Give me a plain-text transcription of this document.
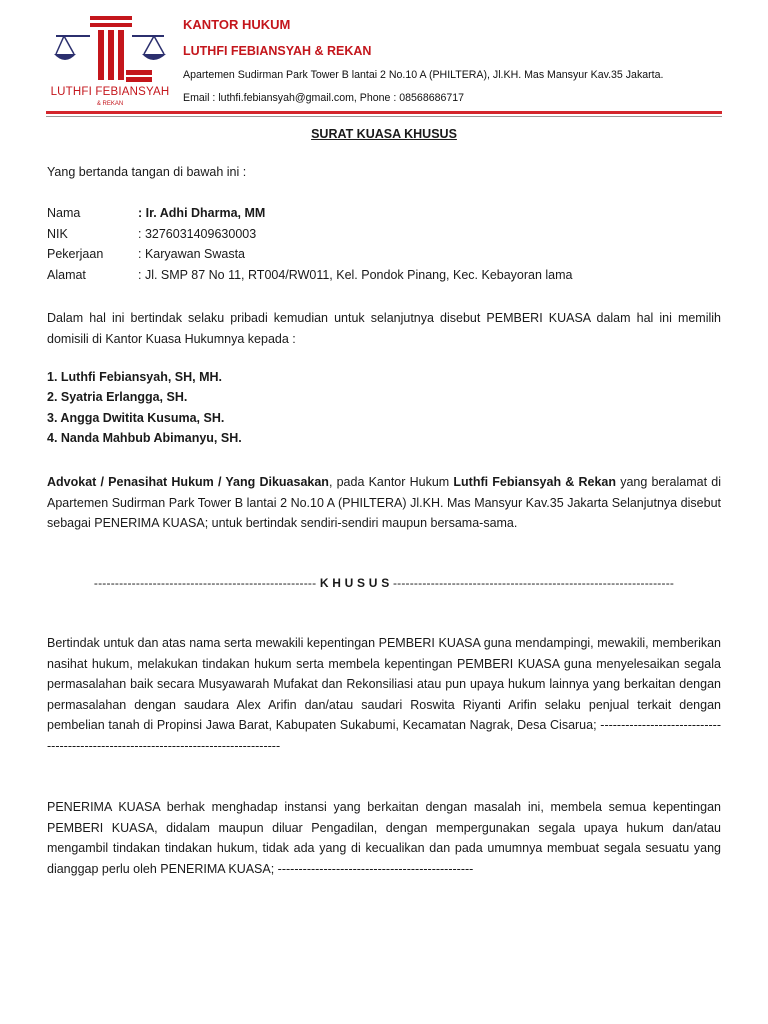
LUTHFI FEBIANSYAH
& REKAN
KANTOR HUKUM
LUTHFI FEBIANSYAH & REKAN
Apartemen Sudirman Park Tower B lantai 2 No.10 A (PHILTERA), Jl.KH. Mas Mansyur Kav.35 Jakarta.
Email : luthfi.febiansyah@gmail.com, Phone : 08568686717
SURAT KUASA KHUSUS
Yang bertanda tangan di bawah ini :
Nama	: Ir. Adhi Dharma, MM
NIK	: 3276031409630003
Pekerjaan	: Karyawan Swasta
Alamat	: Jl. SMP 87 No 11, RT004/RW011, Kel. Pondok Pinang, Kec. Kebayoran lama
Dalam hal ini bertindak selaku pribadi kemudian untuk selanjutnya disebut PEMBERI KUASA dalam hal ini memilih domisili di Kantor Kuasa Hukumnya kepada :
1. Luthfi Febiansyah, SH, MH.
2. Syatria Erlangga, SH.
3. Angga Dwitita Kusuma, SH.
4. Nanda Mahbub Abimanyu, SH.
Advokat / Penasihat Hukum / Yang Dikuasakan, pada Kantor Hukum Luthfi Febiansyah & Rekan yang beralamat di Apartemen Sudirman Park Tower B lantai 2 No.10 A (PHILTERA) Jl.KH. Mas Mansyur Kav.35 Jakarta Selanjutnya disebut sebagai PENERIMA KUASA; untuk bertindak sendiri-sendiri maupun bersama-sama.
----------------------------------------------------- K H U S U S -------------------------------------------------------------------
Bertindak untuk dan atas nama serta mewakili kepentingan PEMBERI KUASA guna mendampingi, mewakili, memberikan nasihat hukum, melakukan tindakan hukum serta membela kepentingan PEMBERI KUASA guna menyelesaikan segala permasalahan baik secara Musyawarah Mufakat dan Rekonsiliasi atau pun upaya hukum lainnya yang berkaitan dengan permasalahan dengan saudara Alex Arifin dan/atau saudari Roswita Riyanti Arifin selaku penjual terkait dengan pembelian tanah di Propinsi Jawa Barat, Kabupaten Sukabumi, Kecamatan Nagrak, Desa Cisarua; -------------------------------------------------------------------------------------
PENERIMA KUASA berhak menghadap instansi yang berkaitan dengan masalah ini, membela semua kepentingan PEMBERI KUASA, didalam maupun diluar Pengadilan, dengan mempergunakan segala upaya hukum dan/atau mengambil tindakan tindakan hukum, tidak ada yang di kecualikan dan pada umumnya membuat segala sesuatu yang dianggap perlu oleh PENERIMA KUASA; -----------------------------------------------
